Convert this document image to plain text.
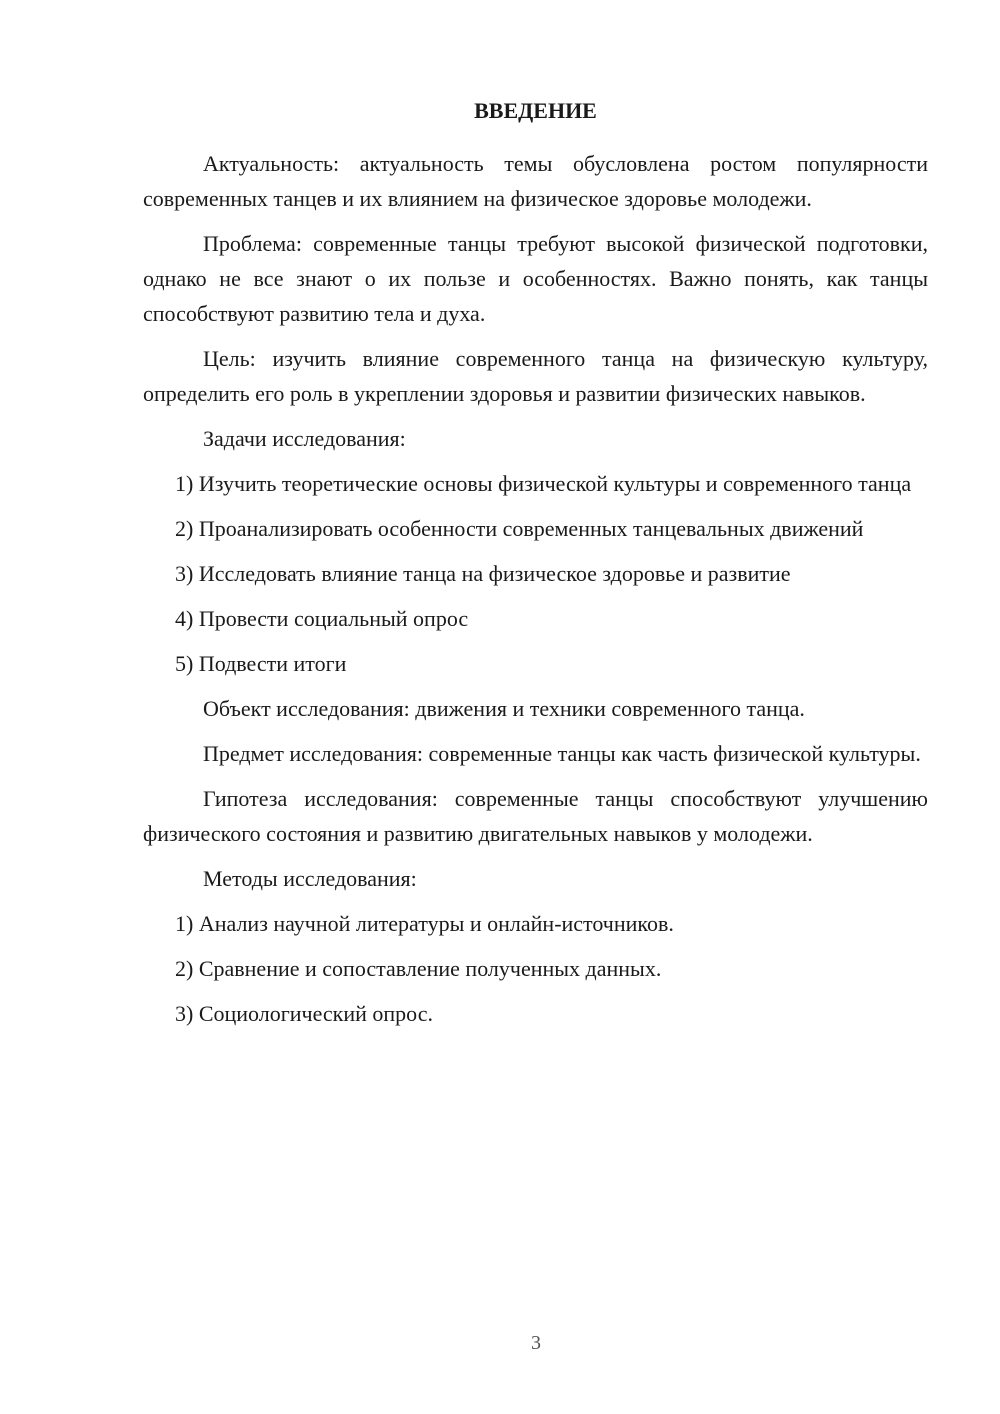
ВВЕДЕНИЕ

Актуальность: актуальность темы обусловлена ростом популярности современных танцев и их влиянием на физическое здоровье молодежи.

Проблема: современные танцы требуют высокой физической подготовки, однако не все знают о их пользе и особенностях. Важно понять, как танцы способствуют развитию тела и духа.

Цель: изучить влияние современного танца на физическую культуру, определить его роль в укреплении здоровья и развитии физических навыков.

Задачи исследования:

1) Изучить теоретические основы физической культуры и современного танца

2) Проанализировать особенности современных танцевальных движений

3) Исследовать влияние танца на физическое здоровье и развитие

4) Провести социальный опрос

5) Подвести итоги

Объект исследования: движения и техники современного танца.

Предмет исследования: современные танцы как часть физической культуры.

Гипотеза исследования: современные танцы способствуют улучшению физического состояния и развитию двигательных навыков у молодежи.

Методы исследования:

1) Анализ научной литературы и онлайн-источников.

2) Сравнение и сопоставление полученных данных.

3) Социологический опрос.

3
